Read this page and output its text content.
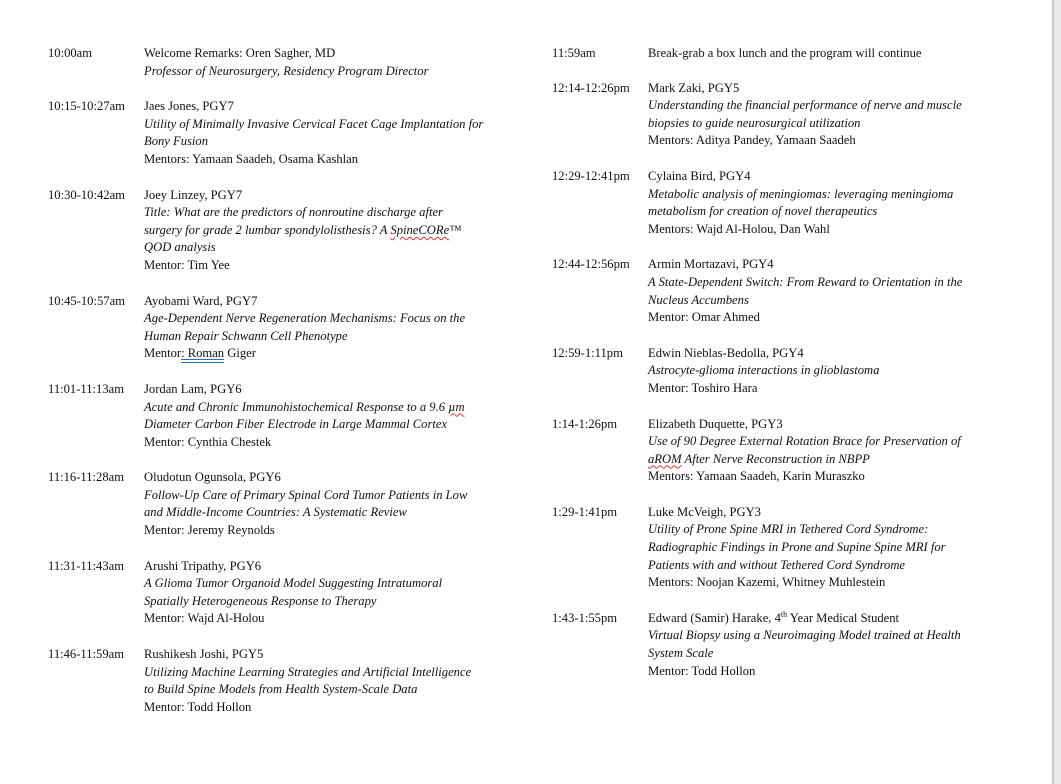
10:00am	Welcome Remarks: Oren Sagher, MD
Professor of Neurosurgery, Residency Program Director
10:15-10:27am	Jaes Jones, PGY7
Utility of Minimally Invasive Cervical Facet Cage Implantation for
Bony Fusion
Mentors: Yamaan Saadeh, Osama Kashlan
10:30-10:42am	Joey Linzey, PGY7
Title: What are the predictors of nonroutine discharge after
surgery for grade 2 lumbar spondylolisthesis? A SpineCORe™
QOD analysis
Mentor: Tim Yee
10:45-10:57am	Ayobami Ward, PGY7
Age-Dependent Nerve Regeneration Mechanisms: Focus on the
Human Repair Schwann Cell Phenotype
Mentor: Roman Giger
11:01-11:13am	Jordan Lam, PGY6
Acute and Chronic Immunohistochemical Response to a 9.6 µm
Diameter Carbon Fiber Electrode in Large Mammal Cortex
Mentor: Cynthia Chestek
11:16-11:28am	Oludotun Ogunsola, PGY6
Follow-Up Care of Primary Spinal Cord Tumor Patients in Low
and Middle-Income Countries: A Systematic Review
Mentor: Jeremy Reynolds
11:31-11:43am	Arushi Tripathy, PGY6
A Glioma Tumor Organoid Model Suggesting Intratumoral
Spatially Heterogeneous Response to Therapy
Mentor: Wajd Al-Holou
11:46-11:59am	Rushikesh Joshi, PGY5
Utilizing Machine Learning Strategies and Artificial Intelligence
to Build Spine Models from Health System-Scale Data
Mentor: Todd Hollon
11:59am	Break-grab a box lunch and the program will continue
12:14-12:26pm	Mark Zaki, PGY5
Understanding the financial performance of nerve and muscle
biopsies to guide neurosurgical utilization
Mentors: Aditya Pandey, Yamaan Saadeh
12:29-12:41pm	Cylaina Bird, PGY4
Metabolic analysis of meningiomas: leveraging meningioma
metabolism for creation of novel therapeutics
Mentors: Wajd Al-Holou, Dan Wahl
12:44-12:56pm	Armin Mortazavi, PGY4
A State-Dependent Switch: From Reward to Orientation in the
Nucleus Accumbens
Mentor: Omar Ahmed
12:59-1:11pm	Edwin Nieblas-Bedolla, PGY4
Astrocyte-glioma interactions in glioblastoma
Mentor: Toshiro Hara
1:14-1:26pm	Elizabeth Duquette, PGY3
Use of 90 Degree External Rotation Brace for Preservation of
aROM After Nerve Reconstruction in NBPP
Mentors: Yamaan Saadeh, Karin Muraszko
1:29-1:41pm	Luke McVeigh, PGY3
Utility of Prone Spine MRI in Tethered Cord Syndrome:
Radiographic Findings in Prone and Supine Spine MRI for
Patients with and without Tethered Cord Syndrome
Mentors: Noojan Kazemi, Whitney Muhlestein
1:43-1:55pm	Edward (Samir) Harake, 4th Year Medical Student
Virtual Biopsy using a Neuroimaging Model trained at Health
System Scale
Mentor: Todd Hollon
